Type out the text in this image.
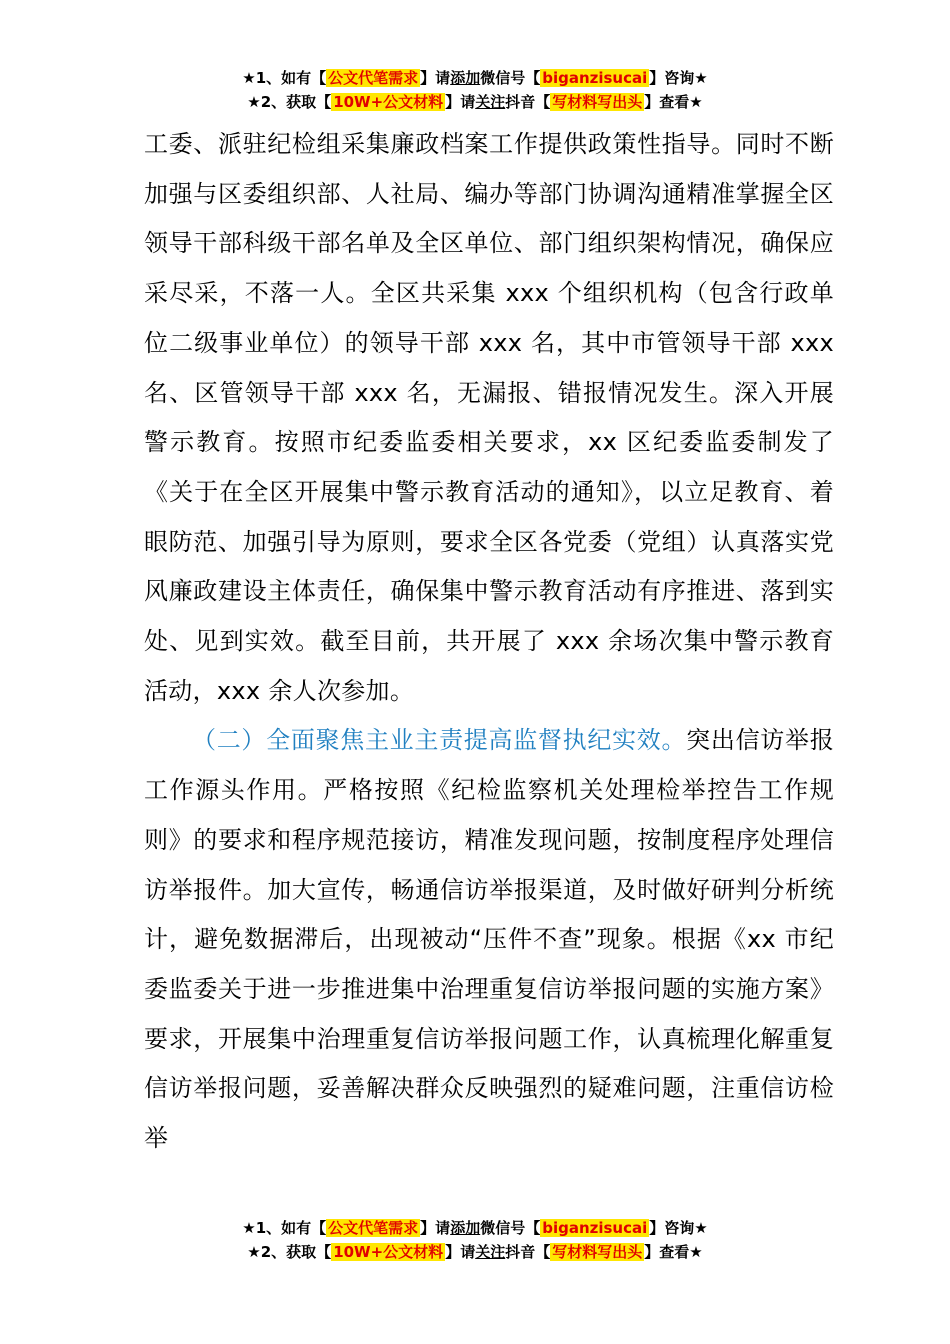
★1、如有【 公文代笔需求 】请添加微信号【 biganzisucai 】咨询★
★2、获取【 10W+公文材料 】请关注抖音【 写材料写出头 】查看★

工委、派驻纪检组采集廉政档案工作提供政策性指导。同时不断加强与区委组织部、人社局、编办等部门协调沟通精准掌握全区领导干部科级干部名单及全区单位、部门组织架构情况，确保应采尽采，不落一人。全区共采集 xxx 个组织机构（包含行政单位二级事业单位）的领导干部 xxx 名，其中市管领导干部 xxx 名、区管领导干部 xxx 名，无漏报、错报情况发生。深入开展警示教育。按照市纪委监委相关要求，xx 区纪委监委制发了《关于在全区开展集中警示教育活动的通知》，以立足教育、着眼防范、加强引导为原则，要求全区各党委（党组）认真落实党风廉政建设主体责任，确保集中警示教育活动有序推进、落到实处、见到实效。截至目前，共开展了 xxx 余场次集中警示教育活动，xxx 余人次参加。

（二）全面聚焦主业主责提高监督执纪实效。突出信访举报工作源头作用。严格按照《纪检监察机关处理检举控告工作规则》的要求和程序规范接访，精准发现问题，按制度程序处理信访举报件。加大宣传，畅通信访举报渠道，及时做好研判分析统计，避免数据滞后，出现被动“压件不查”现象。根据《xx 市纪委监委关于进一步推进集中治理重复信访举报问题的实施方案》要求，开展集中治理重复信访举报问题工作，认真梳理化解重复信访举报问题，妥善解决群众反映强烈的疑难问题，注重信访检举

★1、如有【 公文代笔需求 】请添加微信号【 biganzisucai 】咨询★
★2、获取【 10W+公文材料 】请关注抖音【 写材料写出头 】查看★
